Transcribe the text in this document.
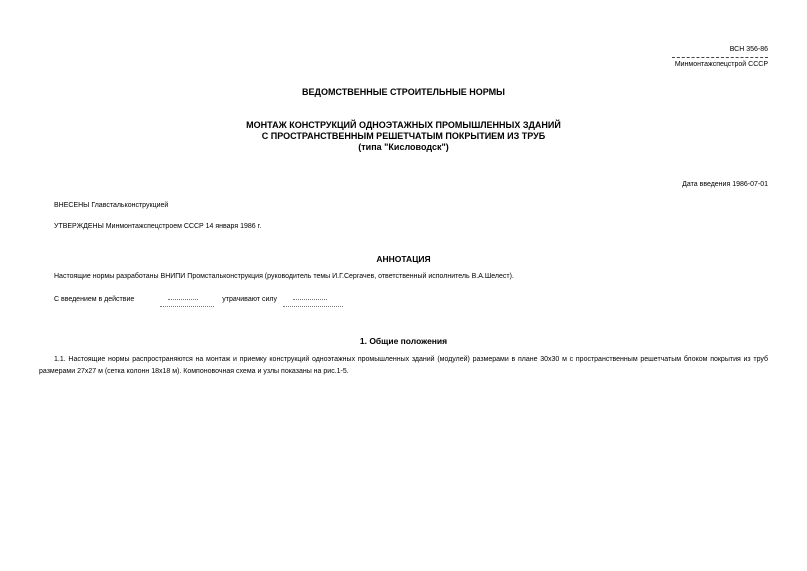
ВСН 356-86
Минмонтажспецстрой СССР
ВЕДОМСТВЕННЫЕ СТРОИТЕЛЬНЫЕ НОРМЫ
МОНТАЖ КОНСТРУКЦИЙ ОДНОЭТАЖНЫХ ПРОМЫШЛЕННЫХ ЗДАНИЙ
С ПРОСТРАНСТВЕННЫМ РЕШЕТЧАТЫМ ПОКРЫТИЕМ ИЗ ТРУБ
(типа "Кисловодск")
Дата введения 1986-07-01
ВНЕСЕНЫ Главстальконструкцией
УТВЕРЖДЕНЫ Минмонтажспецстроем СССР 14 января 1986 г.
АННОТАЦИЯ
Настоящие нормы разработаны ВНИПИ Промстальконструкция (руководитель темы И.Г.Сергачев, ответственный исполнитель В.А.Шелест).
С введением в действие	утрачивают силу
1. Общие положения
1.1. Настоящие нормы распространяются на монтаж и приемку конструкций одноэтажных промышленных зданий (модулей) размерами в плане 30х30 м с пространственным решетчатым блоком покрытия из труб размерами 27х27 м (сетка колонн 18х18 м). Компоновочная схема и узлы показаны на рис.1-5.
